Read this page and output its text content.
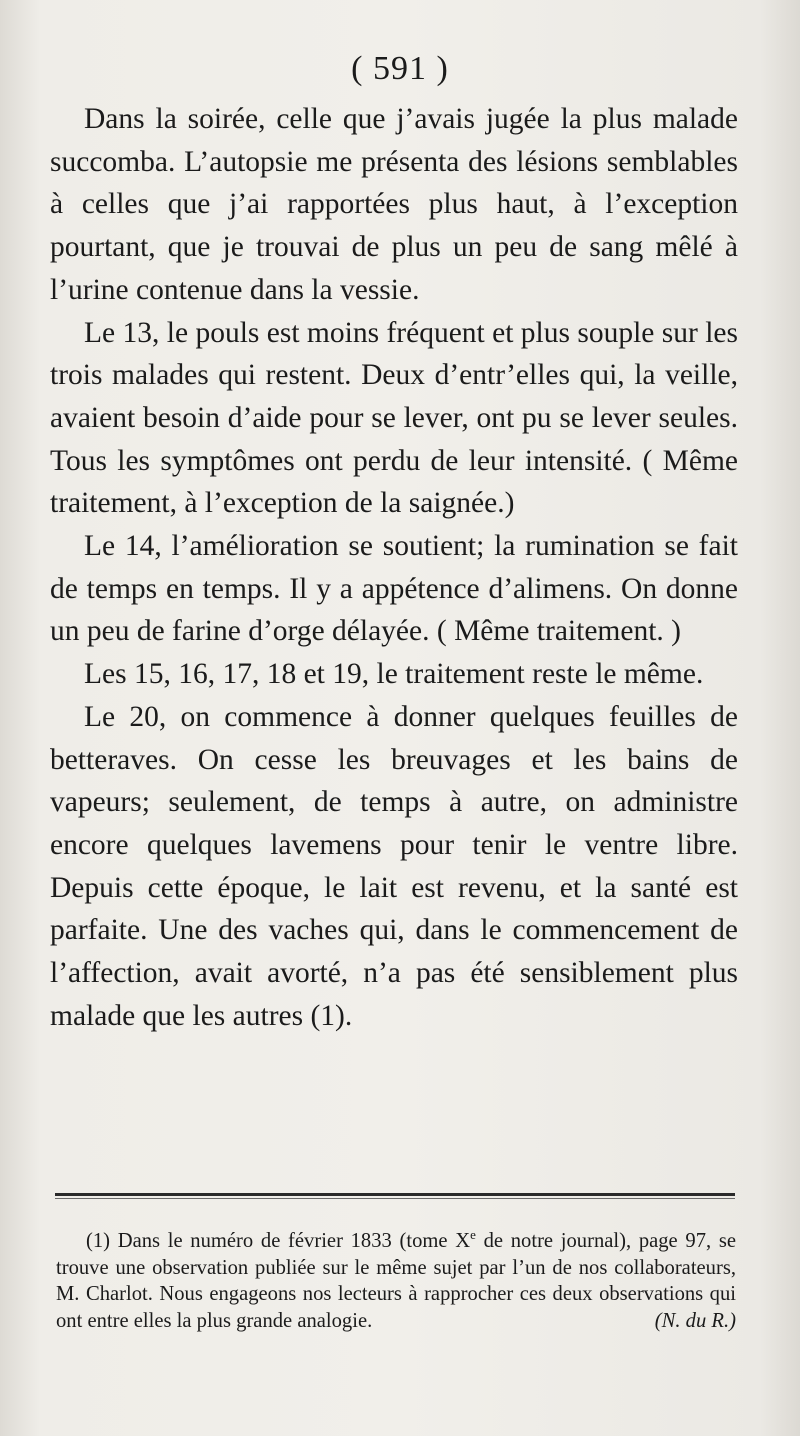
( 591 )

Dans la soirée, celle que j’avais jugée la plus malade succomba. L’autopsie me présenta des lésions semblables à celles que j’ai rapportées plus haut, à l’exception pourtant, que je trouvai de plus un peu de sang mêlé à l’urine contenue dans la vessie.

Le 13, le pouls est moins fréquent et plus souple sur les trois malades qui restent. Deux d’entr’elles qui, la veille, avaient besoin d’aide pour se lever, ont pu se lever seules. Tous les symptômes ont perdu de leur intensité. ( Même traitement, à l’exception de la saignée.)

Le 14, l’amélioration se soutient; la rumination se fait de temps en temps. Il y a appétence d’alimens. On donne un peu de farine d’orge délayée. ( Même traitement. )

Les 15, 16, 17, 18 et 19, le traitement reste le même.

Le 20, on commence à donner quelques feuilles de betteraves. On cesse les breuvages et les bains de vapeurs; seulement, de temps à autre, on administre encore quelques lavemens pour tenir le ventre libre. Depuis cette époque, le lait est revenu, et la santé est parfaite. Une des vaches qui, dans le commencement de l’affection, avait avorté, n’a pas été sensiblement plus malade que les autres (1).

(1) Dans le numéro de février 1833 (tome Xe de notre journal), page 97, se trouve une observation publiée sur le même sujet par l’un de nos collaborateurs, M. Charlot. Nous engageons nos lecteurs à rapprocher ces deux observations qui ont entre elles la plus grande analogie.	(N. du R.)
